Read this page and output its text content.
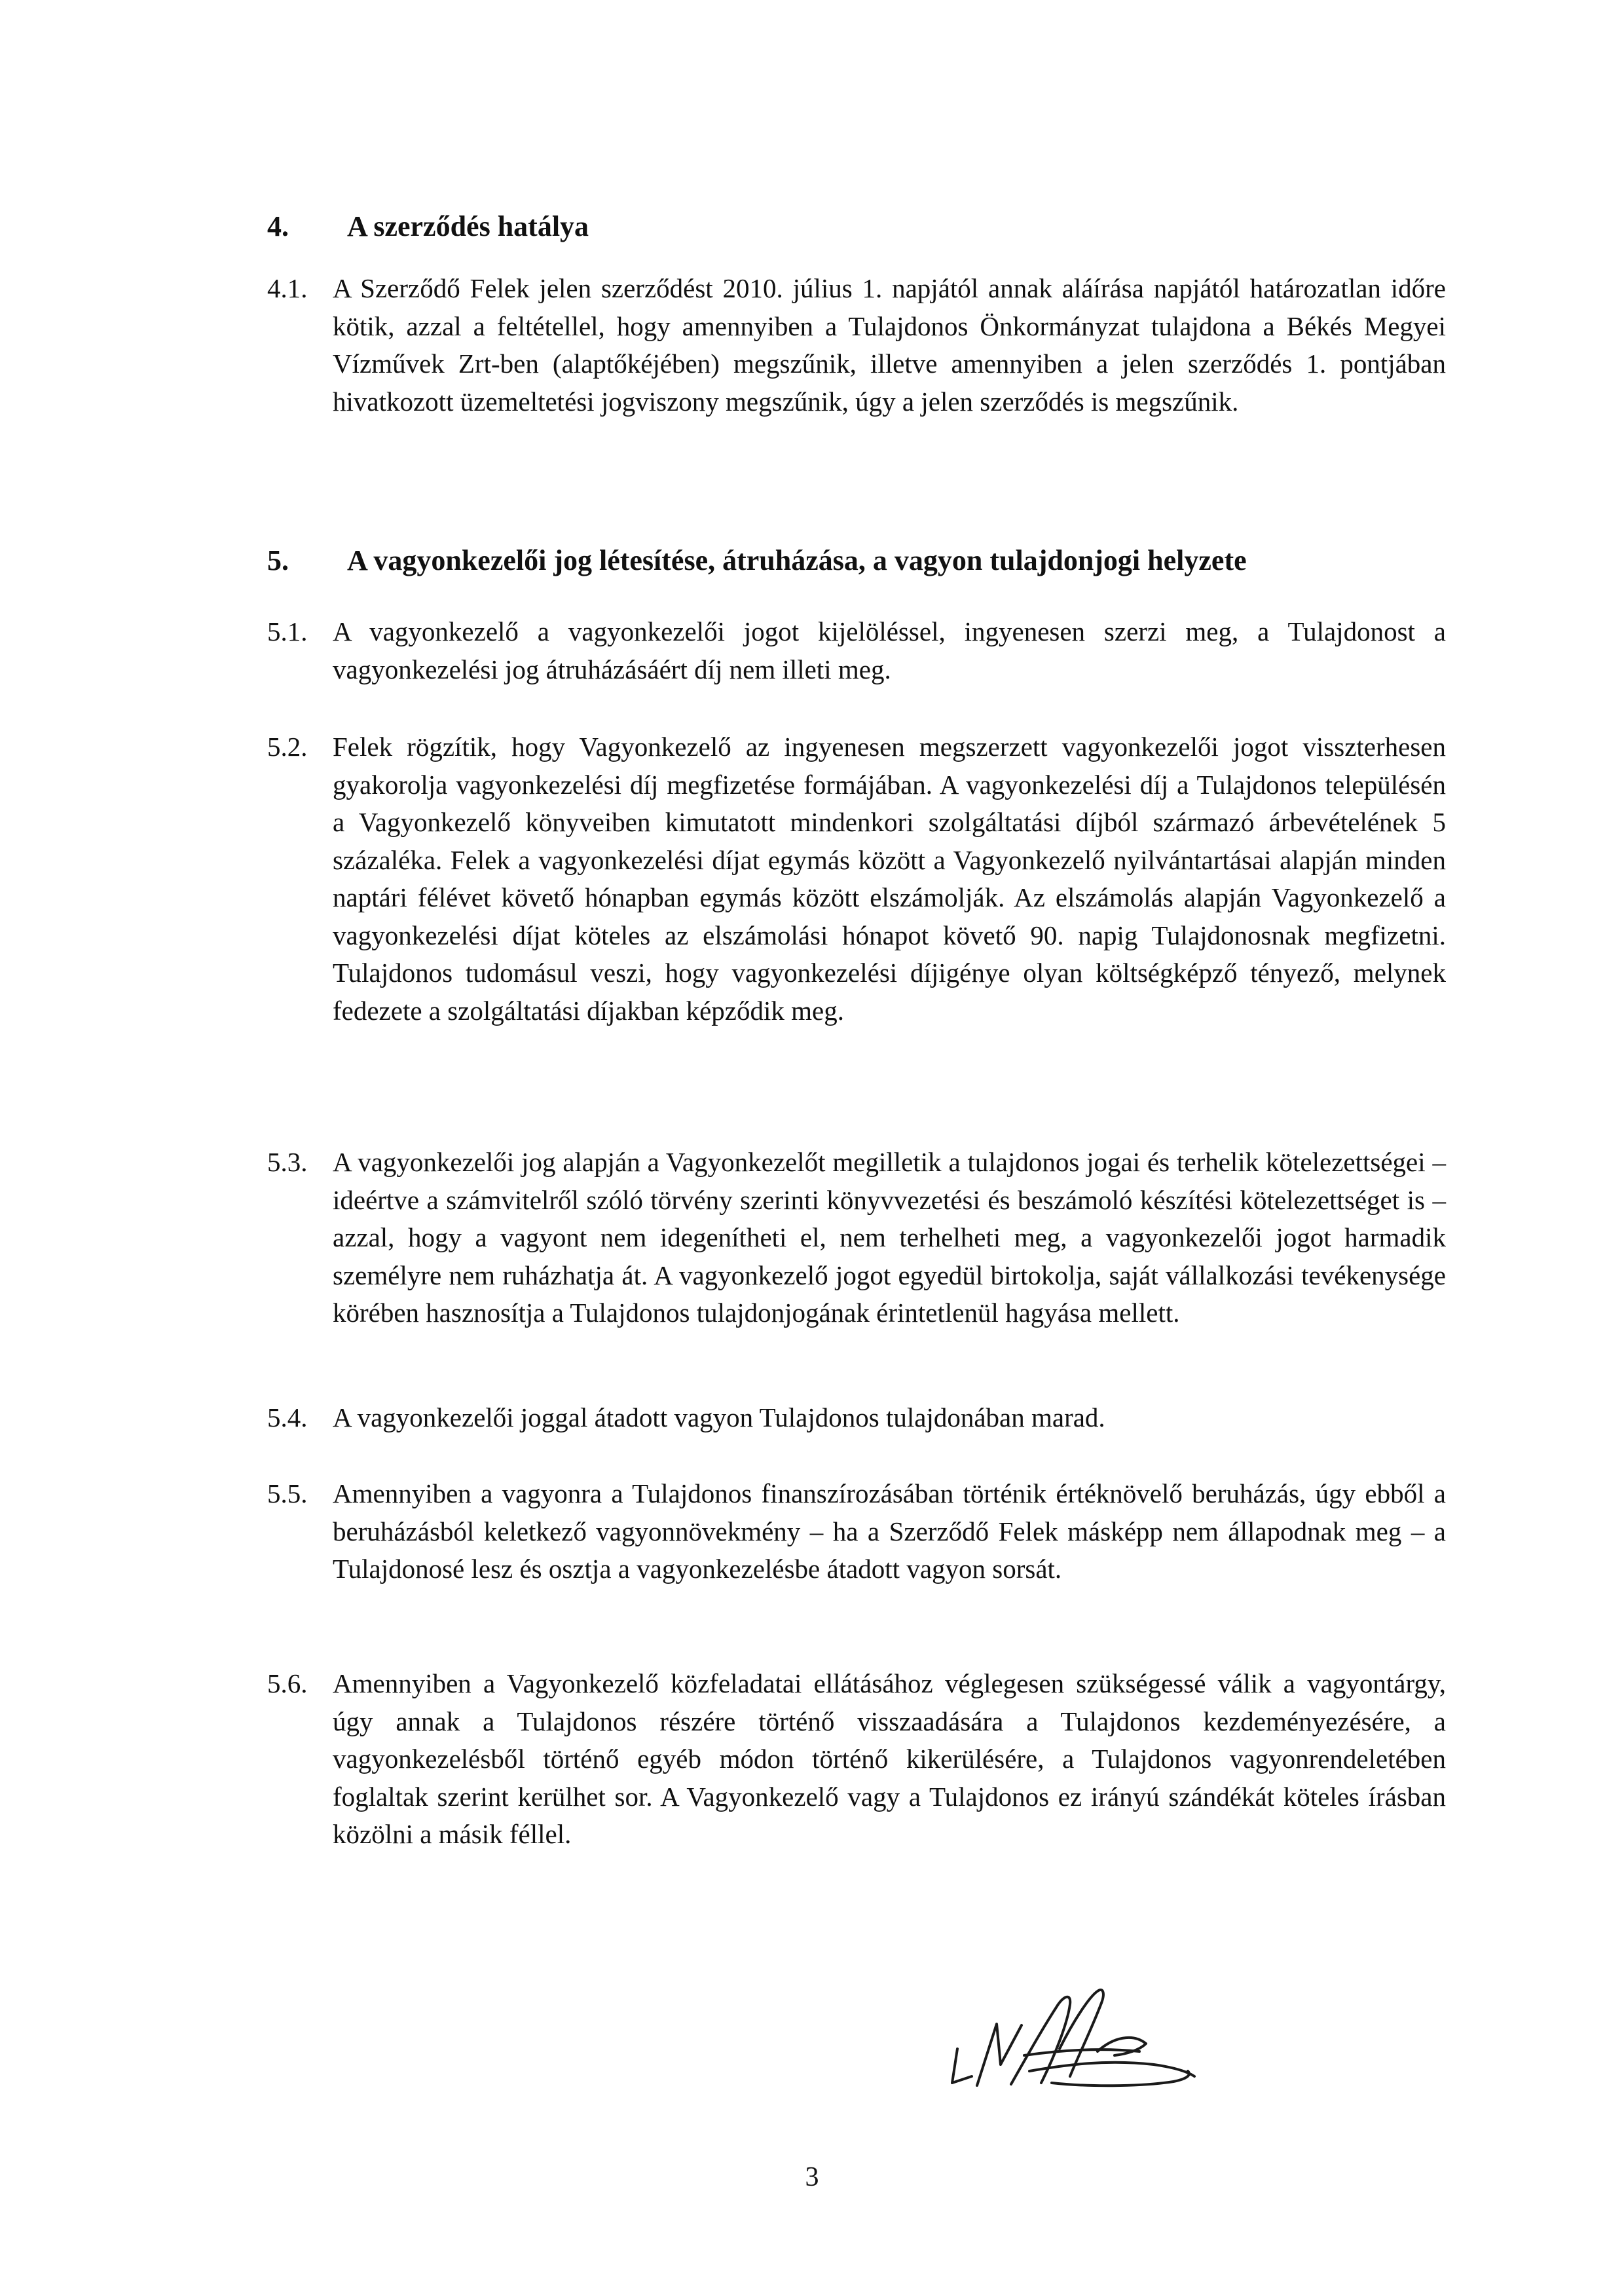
4. A szerződés hatálya
4.1. A Szerződő Felek jelen szerződést 2010. július 1. napjától annak aláírása napjától határozatlan időre kötik, azzal a feltétellel, hogy amennyiben a Tulajdonos Önkormányzat tulajdona a Békés Megyei Vízművek Zrt-ben (alaptőkéjében) megszűnik, illetve amennyiben a jelen szerződés 1. pontjában hivatkozott üzemeltetési jogviszony megszűnik, úgy a jelen szerződés is megszűnik.
5. A vagyonkezelői jog létesítése, átruházása, a vagyon tulajdonjogi helyzete
5.1. A vagyonkezelő a vagyonkezelői jogot kijelöléssel, ingyenesen szerzi meg, a Tulajdonost a vagyonkezelési jog átruházásáért díj nem illeti meg.
5.2. Felek rögzítik, hogy Vagyonkezelő az ingyenesen megszerzett vagyonkezelői jogot visszterhesen gyakorolja vagyonkezelési díj megfizetése formájában. A vagyonkezelési díj a Tulajdonos településén a Vagyonkezelő könyveiben kimutatott mindenkori szolgáltatási díjból származó árbevételének 5 százaléka. Felek a vagyonkezelési díjat egymás között a Vagyonkezelő nyilvántartásai alapján minden naptári félévet követő hónapban egymás között elszámolják. Az elszámolás alapján Vagyonkezelő a vagyonkezelési díjat köteles az elszámolási hónapot követő 90. napig Tulajdonosnak megfizetni. Tulajdonos tudomásul veszi, hogy vagyonkezelési díjigénye olyan költségképző tényező, melynek fedezete a szolgáltatási díjakban képződik meg.
5.3. A vagyonkezelői jog alapján a Vagyonkezelőt megilletik a tulajdonos jogai és terhelik kötelezettségei – ideértve a számvitelről szóló törvény szerinti könyvvezetési és beszámoló készítési kötelezettséget is – azzal, hogy a vagyont nem idegenítheti el, nem terhelheti meg, a vagyonkezelői jogot harmadik személyre nem ruházhatja át. A vagyonkezelő jogot egyedül birtokolja, saját vállalkozási tevékenysége körében hasznosítja a Tulajdonos tulajdonjogának érintetlenül hagyása mellett.
5.4. A vagyonkezelői joggal átadott vagyon Tulajdonos tulajdonában marad.
5.5. Amennyiben a vagyonra a Tulajdonos finanszírozásában történik értéknövelő beruházás, úgy ebből a beruházásból keletkező vagyonnövekmény – ha a Szerződő Felek másképp nem állapodnak meg – a Tulajdonosé lesz és osztja a vagyonkezelésbe átadott vagyon sorsát.
5.6. Amennyiben a Vagyonkezelő közfeladatai ellátásához véglegesen szükségessé válik a vagyontárgy, úgy annak a Tulajdonos részére történő visszaadására a Tulajdonos kezdeményezésére, a vagyonkezelésből történő egyéb módon történő kikerülésére, a Tulajdonos vagyonrendeletében foglaltak szerint kerülhet sor. A Vagyonkezelő vagy a Tulajdonos ez irányú szándékát köteles írásban közölni a másik féllel.
3
